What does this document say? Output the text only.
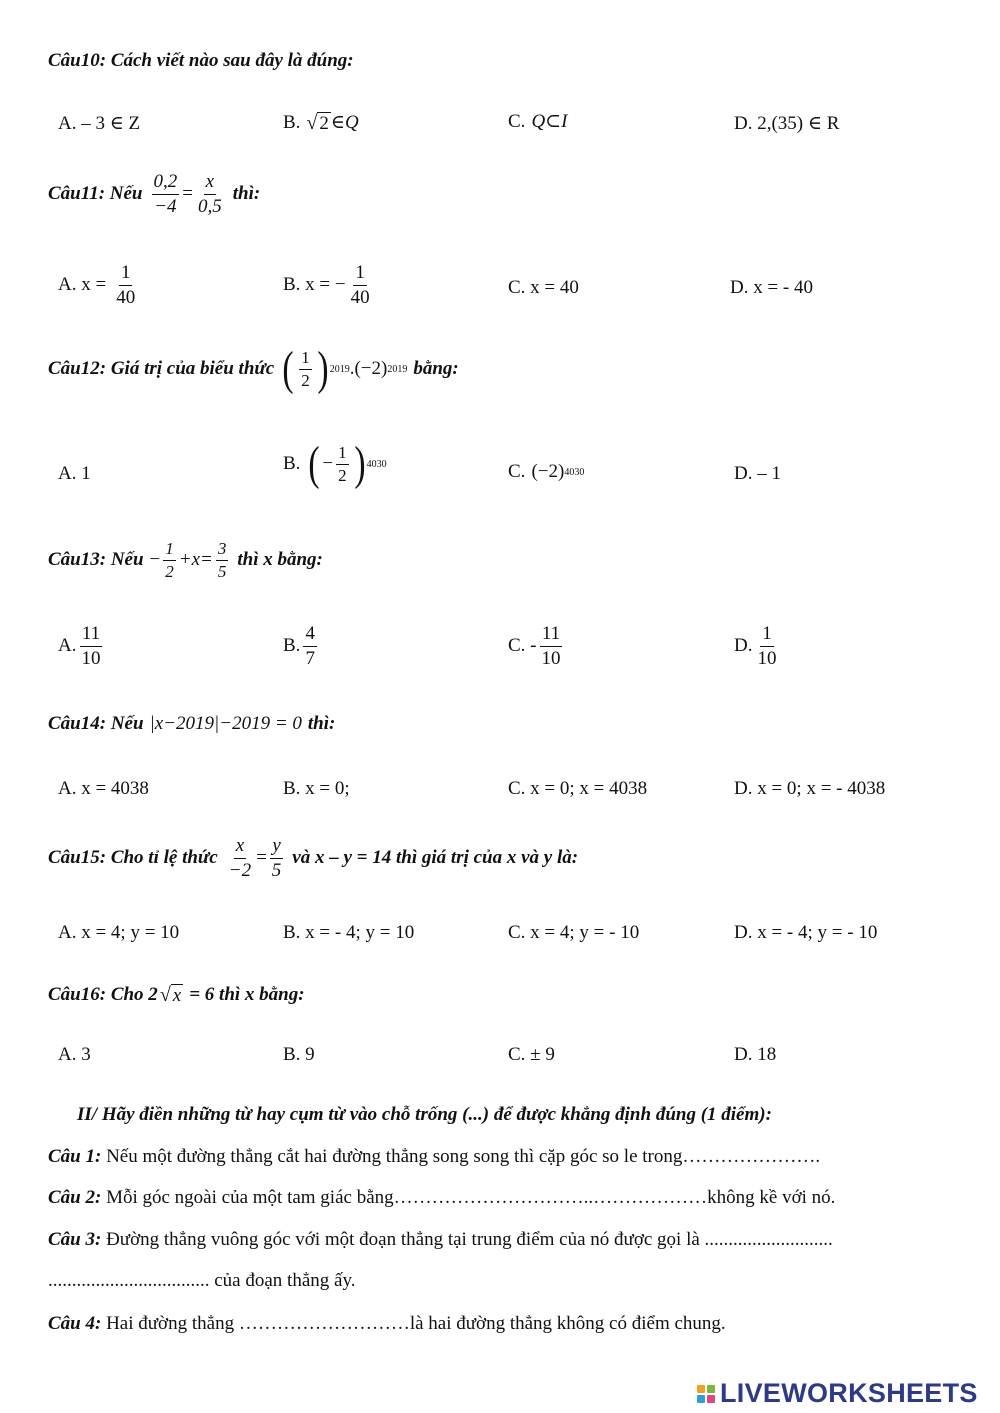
Câu10: Cách viết nào sau đây là đúng:
A. – 3 ∈ Z	B. √ 2 ∈Q	C. Q⊂I	D. 2,(35) ∈ R
Câu11: Nếu $\frac{0,2}{-4} = \frac{x}{0,5}$ thì:
A. $x = \frac{1}{40}$	B. x = − $\frac{1}{40}$	C. x = 40	D. x = - 40
Câu12: Giá trị của biểu thức ( $\frac{1}{2}$ ) 2019 .(−2) 2019 bằng:
A. 1	B. ( − $\frac{1}{2}$ ) 4030	C. (−2) 4030	D. – 1
Câu13: Nếu − $\frac{1}{2} +x= \frac{3}{5}$ thì x bằng:
A. $\frac{11}{10}$	B. $\frac{4}{7}$	C. - $\frac{11}{10}$	D. $\frac{1}{10}$
Câu14: Nếu |x−2019|−2019 = 0 thì:
A. x = 4038	B. x = 0;	C. x = 0; x = 4038	D. x = 0; x = - 4038
Câu15: Cho tỉ lệ thức $\frac{x}{-2} = \frac{y}{5}$ và x – y = 14 thì giá trị của x và y là:
A. x = 4; y = 10	B. x = - 4; y = 10	C. x = 4; y = - 10	D. x = - 4; y = - 10
Câu16: Cho 2 √ x = 6 thì x bằng:
A. 3	B. 9	C. ± 9	D. 18
II/ Hãy điền những từ hay cụm từ vào chỗ trống (...) để được khẳng định đúng (1 điểm):
Câu 1: Nếu một đường thẳng cắt hai đường thẳng song song thì cặp góc so le trong………………….
Câu 2: Mỗi góc ngoài của một tam giác bằng…………………………..………………không kề với nó.
Câu 3: Đường thẳng vuông góc với một đoạn thẳng tại trung điểm của nó được gọi là ...........................
.................................. của đoạn thẳng ấy.
Câu 4: Hai đường thẳng ………………………là hai đường thẳng không có điểm chung.
LIVEWORKSHEETS
